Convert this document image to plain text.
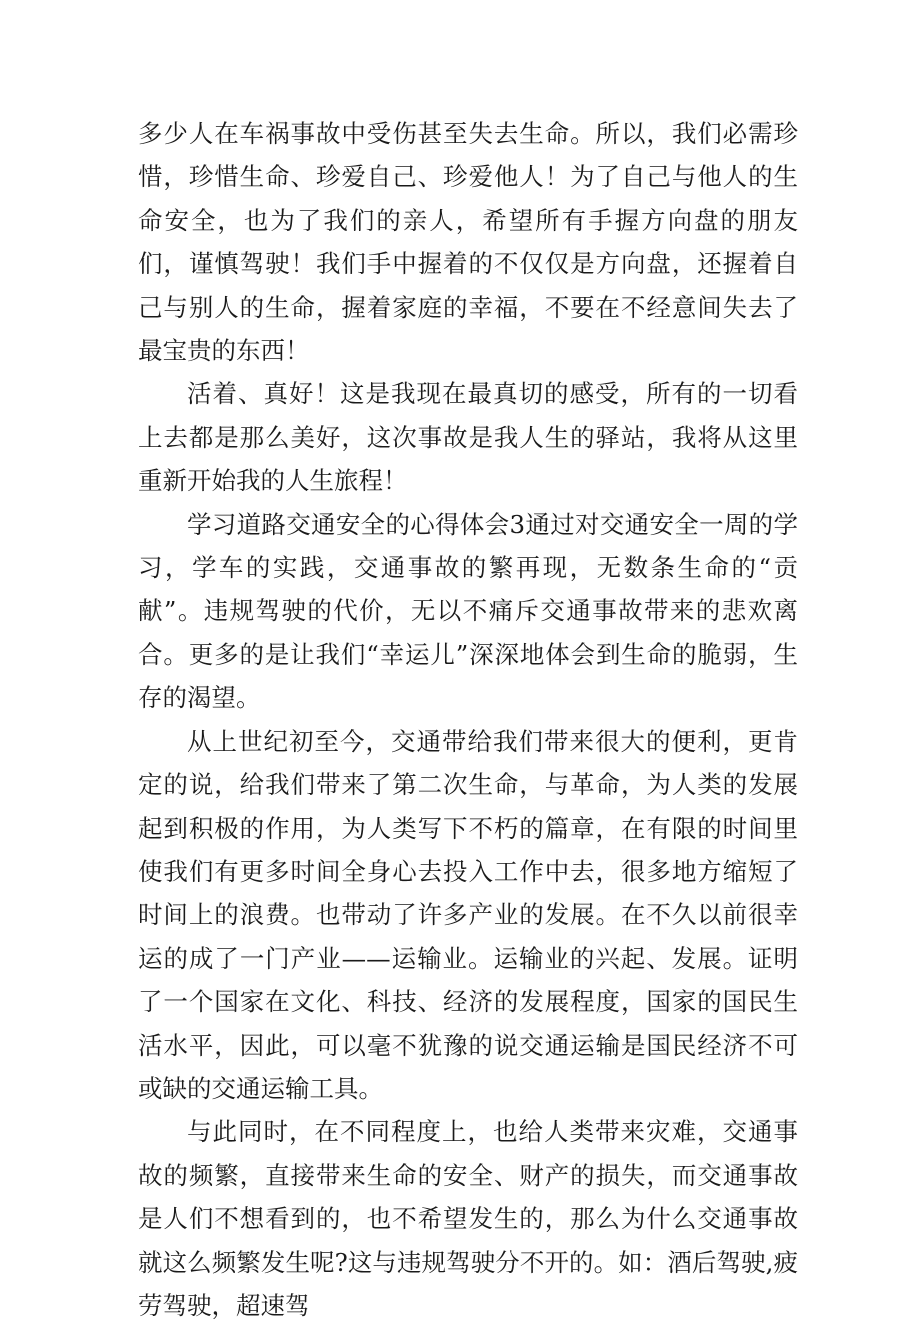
多少人在车祸事故中受伤甚至失去生命。所以，我们必需珍惜，珍惜生命、珍爱自己、珍爱他人！为了自己与他人的生命安全，也为了我们的亲人，希望所有手握方向盘的朋友们，谨慎驾驶！我们手中握着的不仅仅是方向盘，还握着自己与别人的生命，握着家庭的幸福，不要在不经意间失去了最宝贵的东西！

活着、真好！这是我现在最真切的感受，所有的一切看上去都是那么美好，这次事故是我人生的驿站，我将从这里重新开始我的人生旅程！

学习道路交通安全的心得体会3通过对交通安全一周的学习，学车的实践，交通事故的繁再现，无数条生命的“贡献”。违规驾驶的代价，无以不痛斥交通事故带来的悲欢离合。更多的是让我们“幸运儿”深深地体会到生命的脆弱，生存的渴望。

从上世纪初至今，交通带给我们带来很大的便利，更肯定的说，给我们带来了第二次生命，与革命，为人类的发展起到积极的作用，为人类写下不朽的篇章，在有限的时间里使我们有更多时间全身心去投入工作中去，很多地方缩短了时间上的浪费。也带动了许多产业的发展。在不久以前很幸运的成了一门产业——运输业。运输业的兴起、发展。证明了一个国家在文化、科技、经济的发展程度，国家的国民生活水平，因此，可以毫不犹豫的说交通运输是国民经济不可或缺的交通运输工具。

与此同时，在不同程度上，也给人类带来灾难，交通事故的频繁，直接带来生命的安全、财产的损失，而交通事故是人们不想看到的，也不希望发生的，那么为什么交通事故就这么频繁发生呢?这与违规驾驶分不开的。如：酒后驾驶,疲劳驾驶，超速驾
